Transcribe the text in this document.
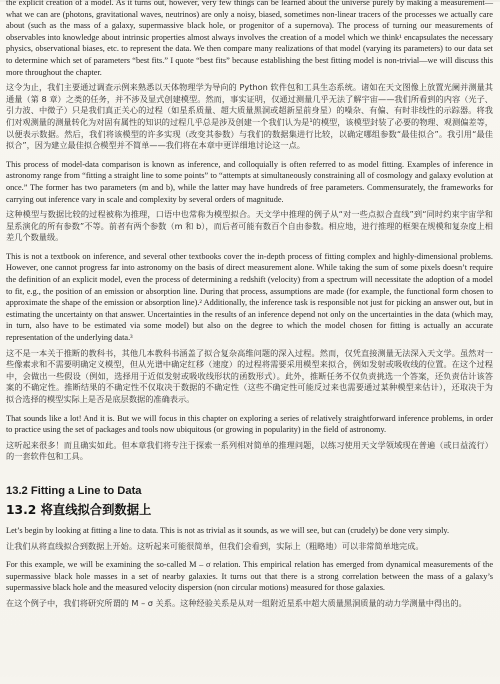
the explicit creation of a model. As it turns out, however, very few things can be learned about the universe purely by making a measurement—what we can are (photons, gravitational waves, neutrinos) are only a noisy, biased, sometimes non-linear tracers of the processes we actually care about (such as the mass of a galaxy, supermassive black hole, or progenitor of a supernova). The process of turning our measurements of observables into knowledge about intrinsic properties almost always involves the creation of a model which we think¹ encapsulates the necessary physics, observational biases, etc. to represent the data. We then compare many realizations of that model (varying its parameters) to our data set to determine which set of parameters “best fits.” I quote “best fits” because establishing the best fitting model is non-trivial—we will discuss this more throughout the chapter.

这令为止，我们主要通过调查示例来熟悉以天体物理学为导向的 Python 软件包和工具生态系统。诸如在天文图像上放置光阑并测量其通量（第 8 章）之类的任务，并不涉及显式创建模型。然而，事实证明，仅通过测量几乎无法了解宇宙——我们所看到的内容（光子、引力波、中微子）只是我们真正关心的过程（如星系质量、超大质量黑洞或超新星前身星）的噪杂、有偏、有时非线性的示踪器。将我们对观测量的测量转化为对固有属性的知识的过程几乎总是涉及创建一个我们认为是¹的模型，该模型封装了必要的物理、观测偏差等，以便表示数据。然后，我们将该模型的许多实现（改变其参数）与我们的数据集进行比较，以确定哪组参数“最佳拟合”。我引用“最佳拟合”，因为建立最佳拟合模型并不简单——我们将在本章中更详细地讨论这一点。

This process of model-data comparison is known as inference, and colloquially is often referred to as model fitting. Examples of inference in astronomy range from “fitting a straight line to some points” to “attempts at simultaneously constraining all of cosmology and galaxy evolution at once.” The former has two parameters (m and b), while the latter may have hundreds of free parameters. Commensurately, the frameworks for carrying out inference vary in scale and complexity by several orders of magnitude.

这种模型与数据比较的过程被称为推理，口语中也常称为模型拟合。天文学中推理的例子从“对一些点拟合直线”到“同时约束宇宙学和星系演化的所有参数”不等。前者有两个参数（m 和 b），而后者可能有数百个自由参数。相应地，进行推理的框架在规模和复杂度上相差几个数量级。

This is not a textbook on inference, and several other textbooks cover the in-depth process of fitting complex and highly-dimensional problems. However, one cannot progress far into astronomy on the basis of direct measurement alone. While taking the sum of some pixels doesn’t require the definition of an explicit model, even the process of determining a redshift (velocity) from a spectrum will necessitate the adoption of a model to fit, e.g., the position of an emission or absorption line. During that process, assumptions are made (for example, the functional form chosen to approximate the shape of the emission or absorption line).² Additionally, the inference task is responsible not just for picking an answer out, but in estimating the uncertainty on that answer. Uncertainties in the results of an inference depend not only on the uncertainties in the data (which may, in turn, also have to be estimated via some model) but also on the degree to which the model chosen for fitting is actually an accurate representation of the underlying data.³

这不是一本关于推断的教科书，其他几本教科书涵盖了拟合复杂高维问题的深入过程。然而，仅凭直接测量无法深入天文学。虽然对一些像素求和不需要明确定义模型，但从光谱中确定红移（速度）的过程将需要采用模型来拟合，例如发射或吸收线的位置。在这个过程中，会做出一些假设（例如，选择用于近似发射或吸收线形状的函数形式）。此外，推断任务不仅负责挑选一个答案，还负责估计该答案的不确定性。推断结果的不确定性不仅取决于数据的不确定性（这些不确定性可能反过来也需要通过某种模型来估计），还取决于为拟合选择的模型实际上是否是底层数据的准确表示。

That sounds like a lot! And it is. But we will focus in this chapter on exploring a series of relatively straightforward inference problems, in order to practice using the set of packages and tools now ubiquitous (or growing in popularity) in the field of astronomy.

这听起来很多！而且确实如此。但本章我们将专注于探索一系列相对简单的推理问题，以练习使用天文学领域现在普遍（或日益流行）的一套软件包和工具。

13.2 Fitting a Line to Data
13.2 将直线拟合到数据上

Let’s begin by looking at fitting a line to data. This is not as trivial as it sounds, as we will see, but can (crudely) be done very simply.

让我们从将直线拟合到数据上开始。这听起来可能很简单，但我们会看到，实际上（粗略地）可以非常简单地完成。

For this example, we will be examining the so-called M – σ relation. This empirical relation has emerged from dynamical measurements of the supermassive black hole masses in a set of nearby galaxies. It turns out that there is a strong correlation between the mass of a galaxy’s supermassive black hole and the measured velocity dispersion (non circular motions) measured for those galaxies.

在这个例子中，我们将研究所谓的 M – σ 关系。这种经验关系是从对一组附近星系中超大质量黑洞质量的动力学测量中得出的。
